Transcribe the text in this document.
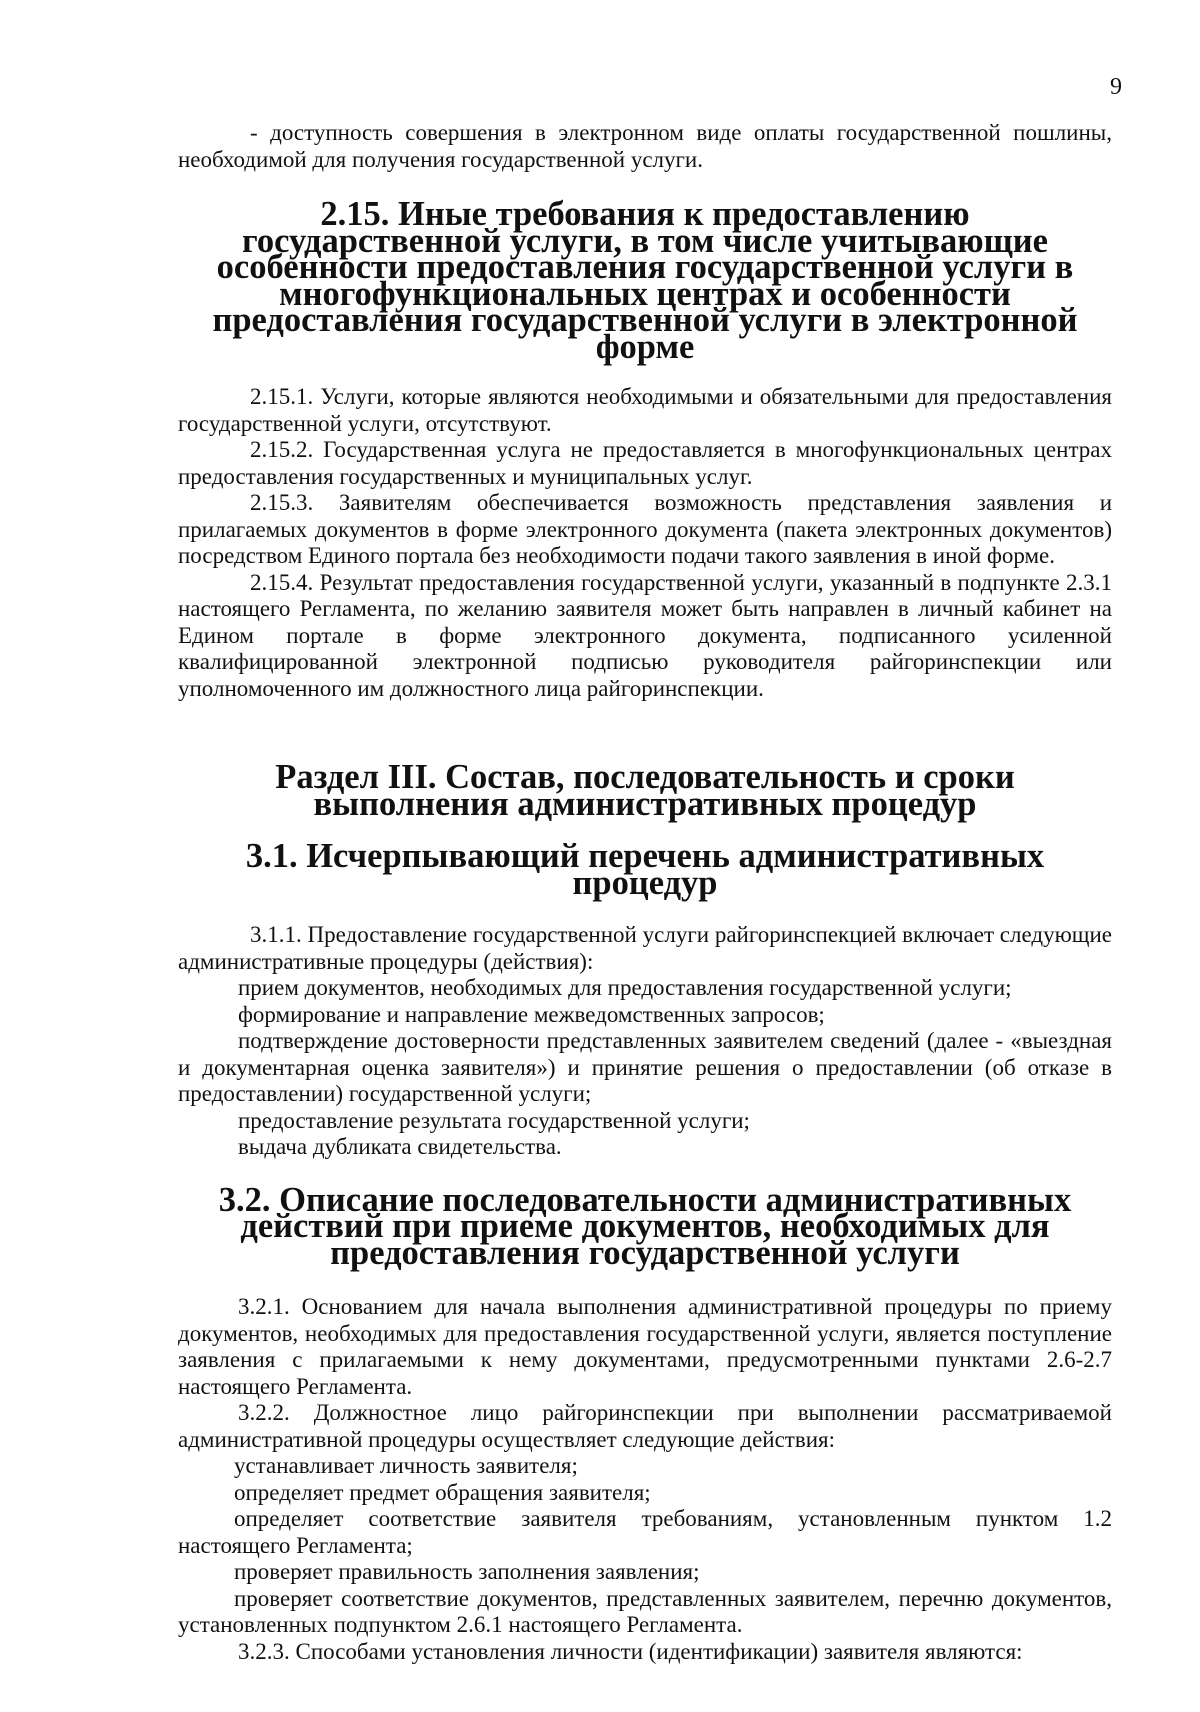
9

- доступность совершения в электронном виде оплаты государственной пошлины, необходимой для получения государственной услуги.

2.15. Иные требования к предоставлению государственной услуги, в том числе учитывающие особенности предоставления государственной услуги в многофункциональных центрах и особенности предоставления государственной услуги в электронной форме

2.15.1. Услуги, которые являются необходимыми и обязательными для предоставления государственной услуги, отсутствуют.

2.15.2. Государственная услуга не предоставляется в многофункциональных центрах предоставления государственных и муниципальных услуг.

2.15.3. Заявителям обеспечивается возможность представления заявления и прилагаемых документов в форме электронного документа (пакета электронных документов) посредством Единого портала без необходимости подачи такого заявления в иной форме.

2.15.4. Результат предоставления государственной услуги, указанный в подпункте 2.3.1 настоящего Регламента, по желанию заявителя может быть направлен в личный кабинет на Едином портале в форме электронного документа, подписанного усиленной квалифицированной электронной подписью руководителя райгоринспекции или уполномоченного им должностного лица райгоринспекции.

Раздел III. Состав, последовательность и сроки выполнения административных процедур
3.1. Исчерпывающий перечень административных процедур

3.1.1. Предоставление государственной услуги райгоринспекцией включает следующие административные процедуры (действия):

прием документов, необходимых для предоставления государственной услуги;
формирование и направление межведомственных запросов;
подтверждение достоверности представленных заявителем сведений (далее - «выездная и документарная оценка заявителя») и принятие решения о предоставлении (об отказе в предоставлении) государственной услуги;
предоставление результата государственной услуги;
выдача дубликата свидетельства.
3.2. Описание последовательности административных действий при приеме документов, необходимых для предоставления государственной услуги

3.2.1. Основанием для начала выполнения административной процедуры по приему документов, необходимых для предоставления государственной услуги, является поступление заявления с прилагаемыми к нему документами, предусмотренными пунктами 2.6-2.7 настоящего Регламента.

3.2.2. Должностное лицо райгоринспекции при выполнении рассматриваемой административной процедуры осуществляет следующие действия:

устанавливает личность заявителя;
определяет предмет обращения заявителя;
определяет соответствие заявителя требованиям, установленным пунктом 1.2 настоящего Регламента;
проверяет правильность заполнения заявления;
проверяет соответствие документов, представленных заявителем, перечню документов, установленных подпунктом 2.6.1 настоящего Регламента.

3.2.3. Способами установления личности (идентификации) заявителя являются:
